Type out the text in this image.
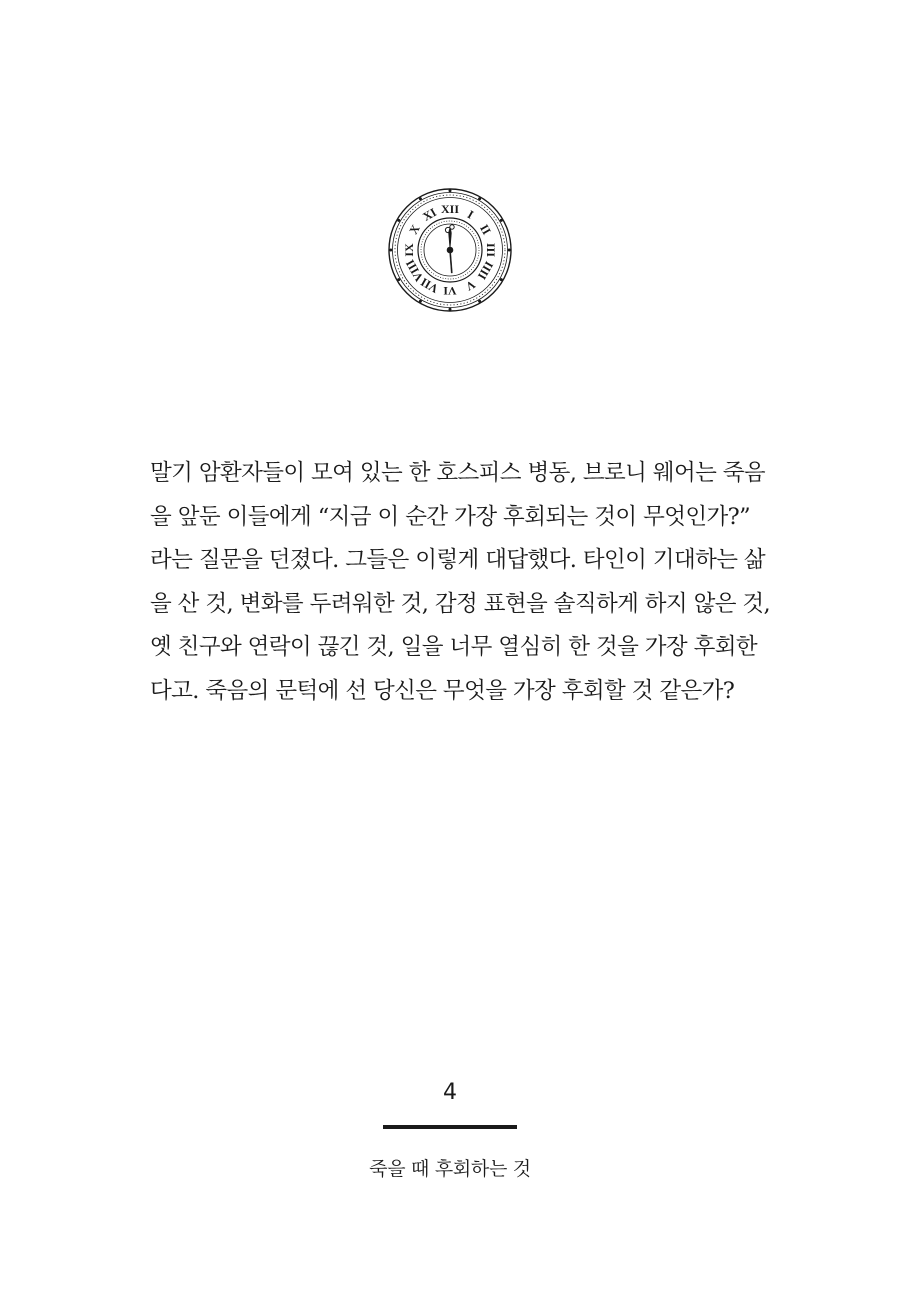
XII I
II
III
IIII
V
VI
VII
VIII
IX
X
XI

말기 암환자들이 모여 있는 한 호스피스 병동, 브로니 웨어는 죽음
을 앞둔 이들에게 “지금 이 순간 가장 후회되는 것이 무엇인가?”
라는 질문을 던졌다. 그들은 이렇게 대답했다. 타인이 기대하는 삶
을 산 것, 변화를 두려워한 것, 감정 표현을 솔직하게 하지 않은 것,
옛 친구와 연락이 끊긴 것, 일을 너무 열심히 한 것을 가장 후회한
다고. 죽음의 문턱에 선 당신은 무엇을 가장 후회할 것 같은가?

4
죽을 때 후회하는 것
